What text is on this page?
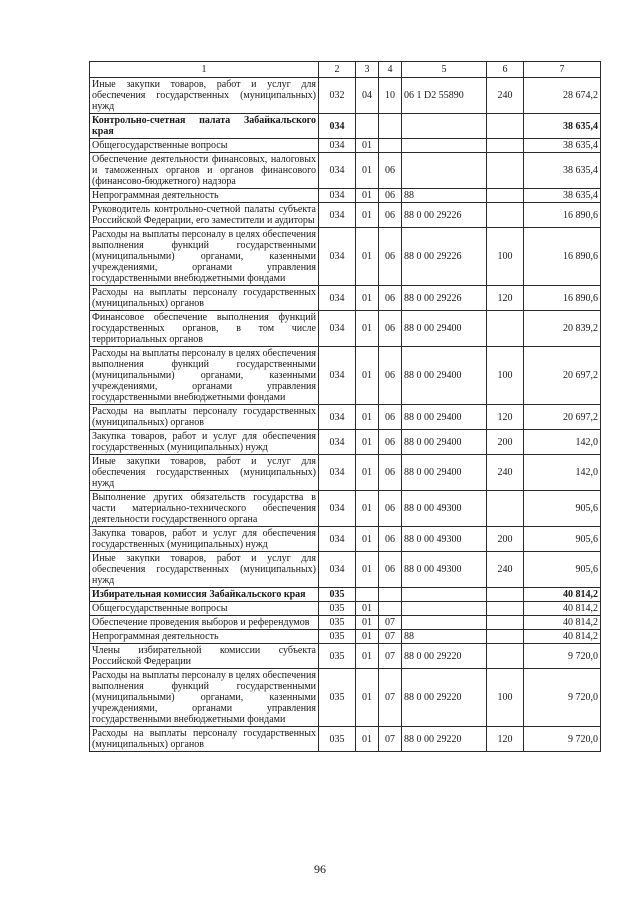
1	2	3	4	5	6	7
Иные закупки товаров, работ и услуг для обеспечения государственных (муниципальных) нужд	032	04	10	06 1 D2 55890	240	28 674,2
Контрольно-счетная палата Забайкальского края	034					38 635,4
Общегосударственные вопросы	034	01				38 635,4
Обеспечение деятельности финансовых, налоговых и таможенных органов и органов финансового (финансово-бюджетного) надзора	034	01	06			38 635,4
Непрограммная деятельность	034	01	06	88		38 635,4
Руководитель контрольно-счетной палаты субъекта Российской Федерации, его заместители и аудиторы	034	01	06	88 0 00 29226		16 890,6
Расходы на выплаты персоналу в целях обеспечения выполнения функций государственными (муниципальными) органами, казенными учреждениями, органами управления государственными внебюджетными фондами	034	01	06	88 0 00 29226	100	16 890,6
Расходы на выплаты персоналу государственных (муниципальных) органов	034	01	06	88 0 00 29226	120	16 890,6
Финансовое обеспечение выполнения функций государственных органов, в том числе территориальных органов	034	01	06	88 0 00 29400		20 839,2
Расходы на выплаты персоналу в целях обеспечения выполнения функций государственными (муниципальными) органами, казенными учреждениями, органами управления государственными внебюджетными фондами	034	01	06	88 0 00 29400	100	20 697,2
Расходы на выплаты персоналу государственных (муниципальных) органов	034	01	06	88 0 00 29400	120	20 697,2
Закупка товаров, работ и услуг для обеспечения государственных (муниципальных) нужд	034	01	06	88 0 00 29400	200	142,0
Иные закупки товаров, работ и услуг для обеспечения государственных (муниципальных) нужд	034	01	06	88 0 00 29400	240	142,0
Выполнение других обязательств государства в части материально-технического обеспечения деятельности государственного органа	034	01	06	88 0 00 49300		905,6
Закупка товаров, работ и услуг для обеспечения государственных (муниципальных) нужд	034	01	06	88 0 00 49300	200	905,6
Иные закупки товаров, работ и услуг для обеспечения государственных (муниципальных) нужд	034	01	06	88 0 00 49300	240	905,6
Избирательная комиссия Забайкальского края	035					40 814,2
Общегосударственные вопросы	035	01				40 814,2
Обеспечение проведения выборов и референдумов	035	01	07			40 814,2
Непрограммная деятельность	035	01	07	88		40 814,2
Члены избирательной комиссии субъекта Российской Федерации	035	01	07	88 0 00 29220		9 720,0
Расходы на выплаты персоналу в целях обеспечения выполнения функций государственными (муниципальными) органами, казенными учреждениями, органами управления государственными внебюджетными фондами	035	01	07	88 0 00 29220	100	9 720,0
Расходы на выплаты персоналу государственных (муниципальных) органов	035	01	07	88 0 00 29220	120	9 720,0
96
